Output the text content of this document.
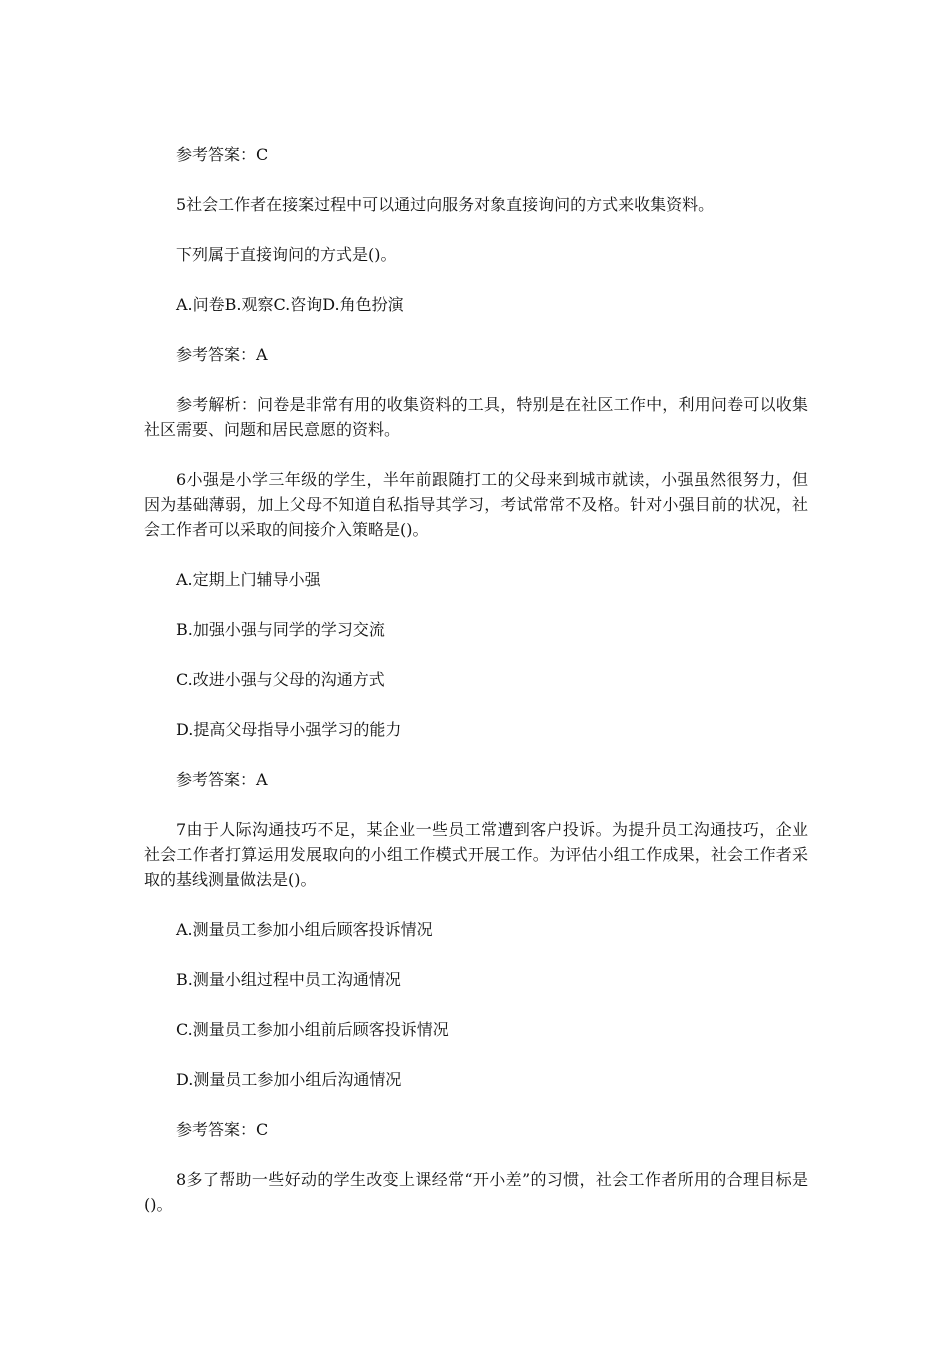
参考答案：C

5社会工作者在接案过程中可以通过向服务对象直接询问的方式来收集资料。

下列属于直接询问的方式是()。

A.问卷B.观察C.咨询D.角色扮演

参考答案：A

参考解析：问卷是非常有用的收集资料的工具，特别是在社区工作中，利用问卷可以收集社区需要、问题和居民意愿的资料。

6小强是小学三年级的学生，半年前跟随打工的父母来到城市就读，小强虽然很努力，但因为基础薄弱，加上父母不知道自私指导其学习，考试常常不及格。针对小强目前的状况，社会工作者可以采取的间接介入策略是()。

A.定期上门辅导小强

B.加强小强与同学的学习交流

C.改进小强与父母的沟通方式

D.提高父母指导小强学习的能力

参考答案：A

7由于人际沟通技巧不足，某企业一些员工常遭到客户投诉。为提升员工沟通技巧，企业社会工作者打算运用发展取向的小组工作模式开展工作。为评估小组工作成果，社会工作者采取的基线测量做法是()。

A.测量员工参加小组后顾客投诉情况

B.测量小组过程中员工沟通情况

C.测量员工参加小组前后顾客投诉情况

D.测量员工参加小组后沟通情况

参考答案：C

8多了帮助一些好动的学生改变上课经常“开小差”的习惯，社会工作者所用的合理目标是()。
